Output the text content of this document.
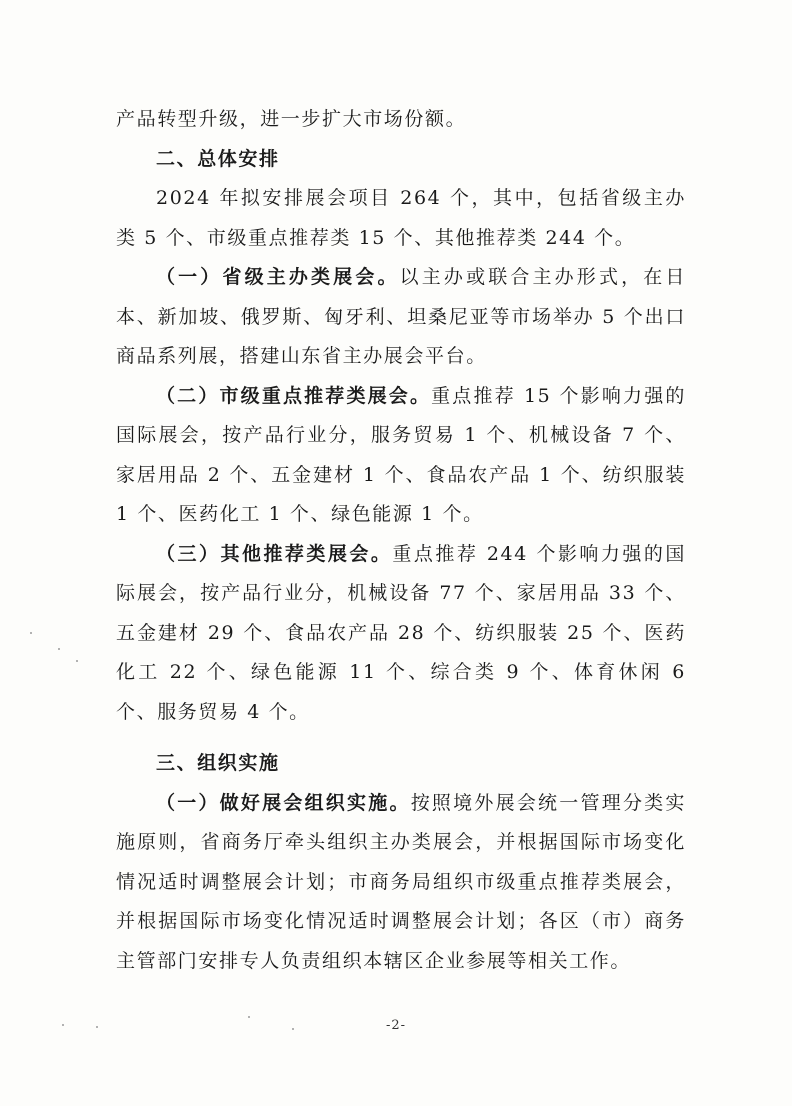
产品转型升级，进一步扩大市场份额。

二、总体安排

2024 年拟安排展会项目 264 个，其中，包括省级主办类 5 个、市级重点推荐类 15 个、其他推荐类 244 个。

（一）省级主办类展会。以主办或联合主办形式，在日本、新加坡、俄罗斯、匈牙利、坦桑尼亚等市场举办 5 个出口商品系列展，搭建山东省主办展会平台。

（二）市级重点推荐类展会。重点推荐 15 个影响力强的国际展会，按产品行业分，服务贸易 1 个、机械设备 7 个、家居用品 2 个、五金建材 1 个、食品农产品 1 个、纺织服装 1 个、医药化工 1 个、绿色能源 1 个。

（三）其他推荐类展会。重点推荐 244 个影响力强的国际展会，按产品行业分，机械设备 77 个、家居用品 33 个、五金建材 29 个、食品农产品 28 个、纺织服装 25 个、医药化工 22 个、绿色能源 11 个、综合类 9 个、体育休闲 6 个、服务贸易 4 个。

三、组织实施

（一）做好展会组织实施。按照境外展会统一管理分类实施原则，省商务厅牵头组织主办类展会，并根据国际市场变化情况适时调整展会计划；市商务局组织市级重点推荐类展会，并根据国际市场变化情况适时调整展会计划；各区（市）商务主管部门安排专人负责组织本辖区企业参展等相关工作。

-2-
